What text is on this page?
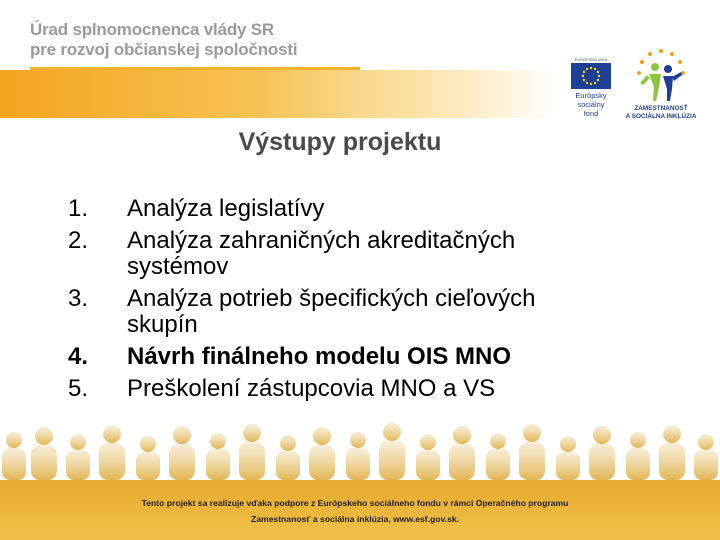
Úrad splnomocnenca vlády SR
pre rozvoj občianskej spoločnosti
EURÓPSKA ÚNIA
Európsky
sociálny
fond
ZAMESTNANOSŤ
A SOCIÁLNA INKLÚZIA
Výstupy projektu
1. Analýza legislatívy
2. Analýza zahraničných akreditačných systémov
3. Analýza potrieb špecifických cieľových skupín
4. Návrh finálneho modelu OIS MNO
5. Preškolení zástupcovia MNO a VS
Tento projekt sa realizuje vďaka podpore z Európskeho sociálneho fondu v rámci Operačného programu
Zamestnanosť a sociálna inklúzia, www.esf.gov.sk.
